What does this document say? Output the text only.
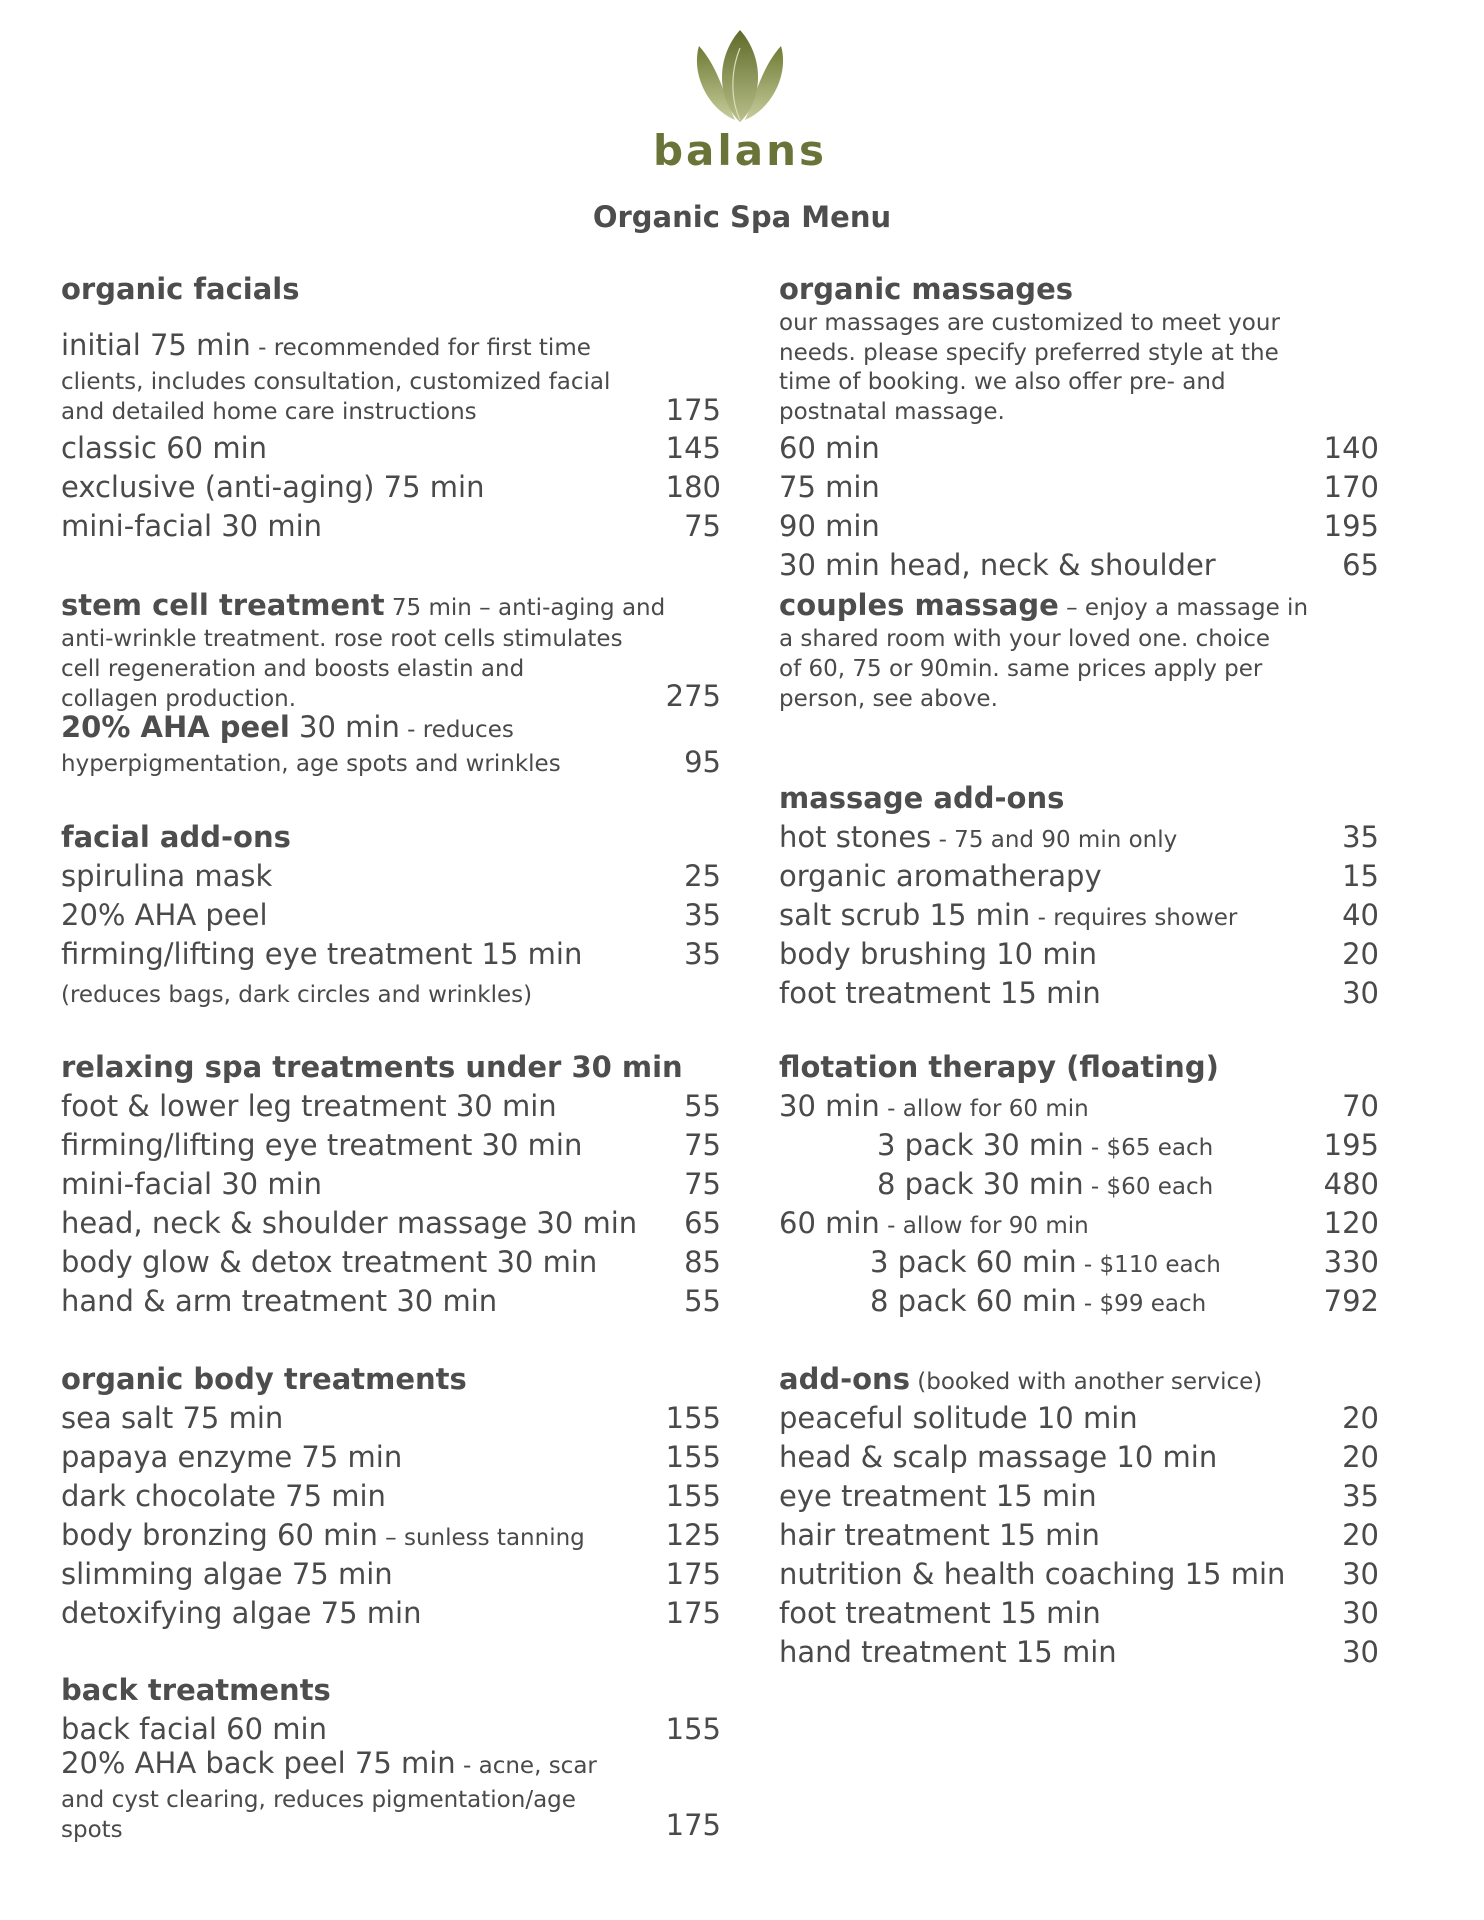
balans
Organic Spa Menu
organic facials
initial 75 min - recommended for first time
clients, includes consultation, customized facial
and detailed home care instructions	175
classic 60 min	145
exclusive (anti-aging) 75 min	180
mini-facial 30 min	75
stem cell treatment 75 min – anti-aging and
anti-wrinkle treatment. rose root cells stimulates
cell regeneration and boosts elastin and
collagen production.	275
20% AHA peel 30 min - reduces
hyperpigmentation, age spots and wrinkles	95
facial add-ons
spirulina mask	25
20% AHA peel	35
firming/lifting eye treatment 15 min	35
(reduces bags, dark circles and wrinkles)
relaxing spa treatments under 30 min
foot & lower leg treatment 30 min	55
firming/lifting eye treatment 30 min	75
mini-facial 30 min	75
head, neck & shoulder massage 30 min 65
body glow & detox treatment 30 min	85
hand & arm treatment 30 min	55
organic body treatments
sea salt 75 min	155
papaya enzyme 75 min	155
dark chocolate 75 min	155
body bronzing 60 min – sunless tanning	125
slimming algae 75 min	175
detoxifying algae 75 min	175
back treatments
back facial 60 min	155
20% AHA back peel 75 min - acne, scar
and cyst clearing, reduces pigmentation/age
spots	175
organic massages
our massages are customized to meet your
needs. please specify preferred style at the
time of booking. we also offer pre- and
postnatal massage.
60 min	140
75 min	170
90 min	195
30 min head, neck & shoulder	65
couples massage – enjoy a massage in
a shared room with your loved one. choice
of 60, 75 or 90min. same prices apply per
person, see above.
massage add-ons
hot stones - 75 and 90 min only	35
organic aromatherapy	15
salt scrub 15 min - requires shower	40
body brushing 10 min	20
foot treatment 15 min	30
flotation therapy (floating)
30 min - allow for 60 min	70
3 pack 30 min - $65 each	195
8 pack 30 min - $60 each	480
60 min - allow for 90 min	120
3 pack 60 min - $110 each	330
8 pack 60 min - $99 each	792
add-ons (booked with another service)
peaceful solitude 10 min	20
head & scalp massage 10 min	20
eye treatment 15 min	35
hair treatment 15 min	20
nutrition & health coaching 15 min 30
foot treatment 15 min	30
hand treatment 15 min	30
